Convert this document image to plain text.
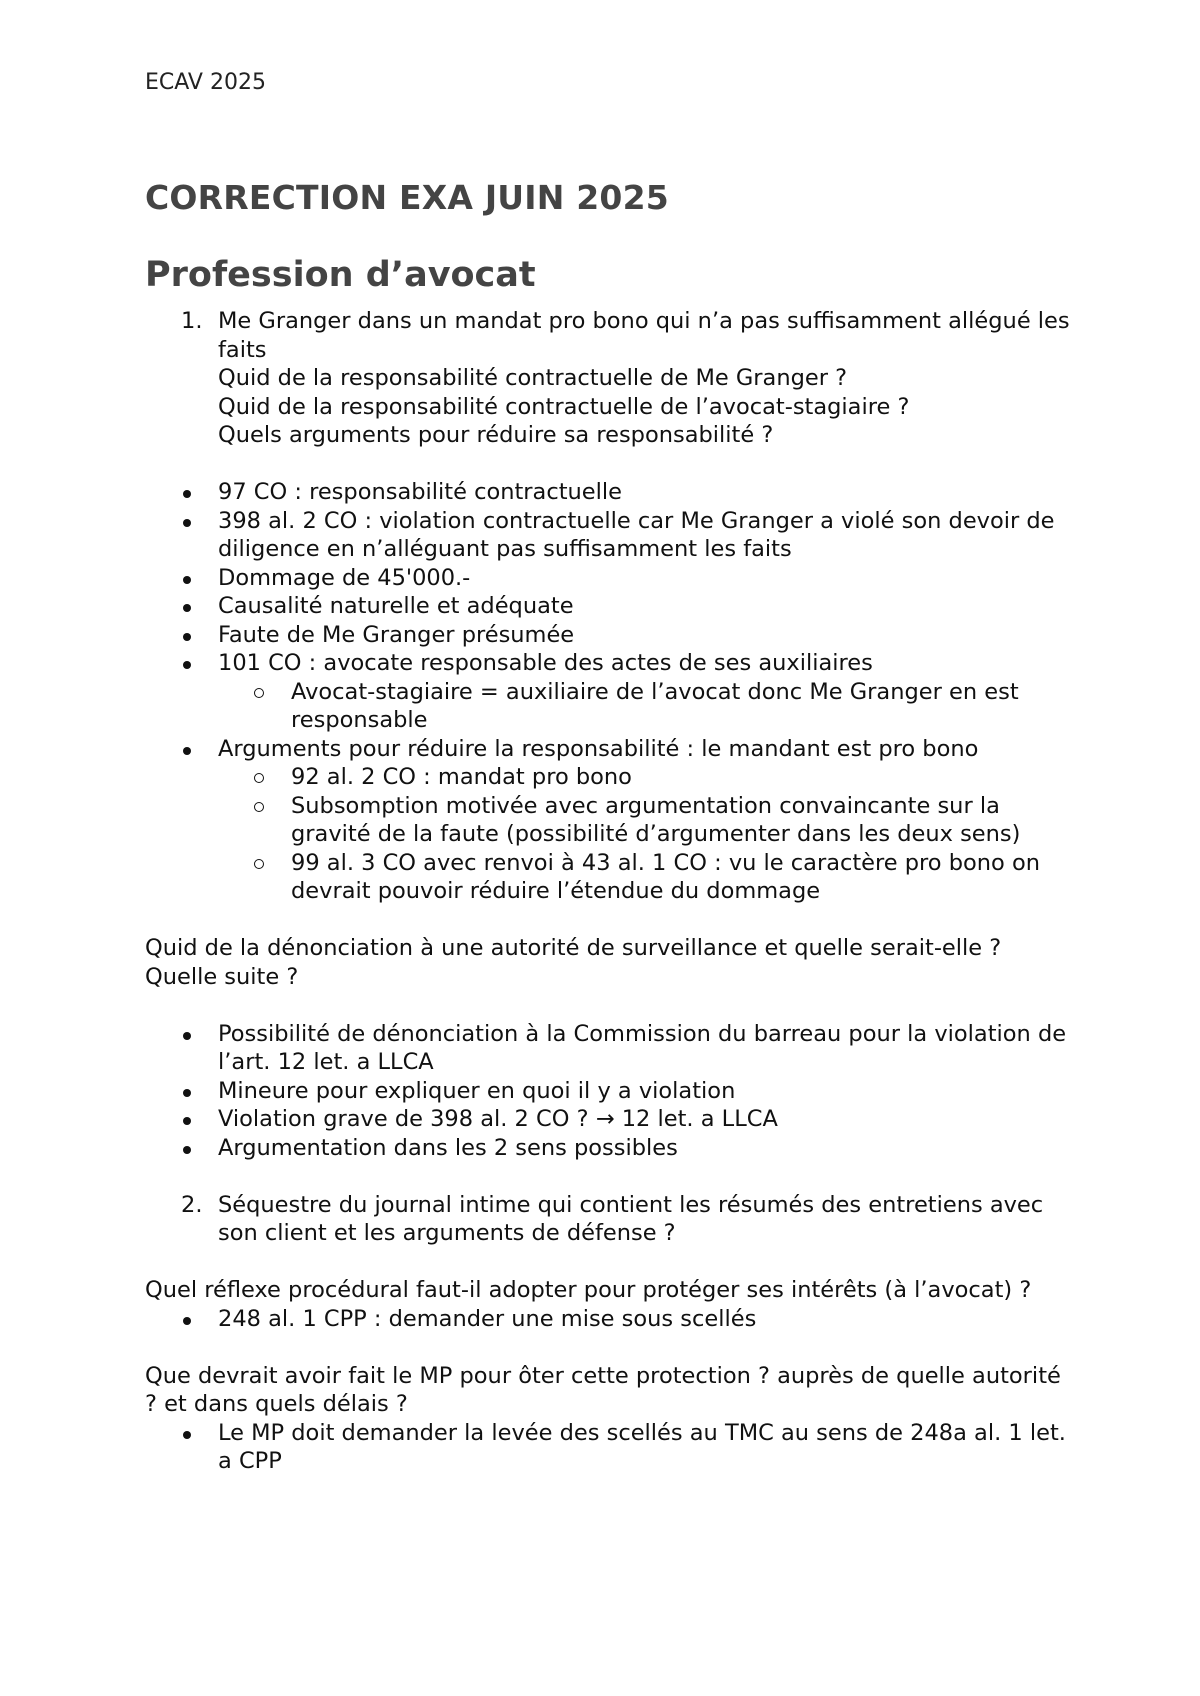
ECAV 2025
CORRECTION EXA JUIN 2025
Profession d’avocat
1. Me Granger dans un mandat pro bono qui n’a pas suffisamment allégué les faits
Quid de la responsabilité contractuelle de Me Granger ?
Quid de la responsabilité contractuelle de l’avocat-stagiaire ?
Quels arguments pour réduire sa responsabilité ?
97 CO : responsabilité contractuelle
398 al. 2 CO : violation contractuelle car Me Granger a violé son devoir de diligence en n’alléguant pas suffisamment les faits
Dommage de 45'000.-
Causalité naturelle et adéquate
Faute de Me Granger présumée
101 CO : avocate responsable des actes de ses auxiliaires
Avocat-stagiaire = auxiliaire de l’avocat donc Me Granger en est responsable
Arguments pour réduire la responsabilité : le mandant est pro bono
92 al. 2 CO : mandat pro bono
Subsomption motivée avec argumentation convaincante sur la gravité de la faute (possibilité d’argumenter dans les deux sens)
99 al. 3 CO avec renvoi à 43 al. 1 CO : vu le caractère pro bono on devrait pouvoir réduire l’étendue du dommage

Quid de la dénonciation à une autorité de surveillance et quelle serait-elle ? Quelle suite ?

Possibilité de dénonciation à la Commission du barreau pour la violation de l’art. 12 let. a LLCA
Mineure pour expliquer en quoi il y a violation
Violation grave de 398 al. 2 CO ? → 12 let. a LLCA
Argumentation dans les 2 sens possibles
2. Séquestre du journal intime qui contient les résumés des entretiens avec son client et les arguments de défense ?

Quel réflexe procédural faut-il adopter pour protéger ses intérêts (à l’avocat) ?

248 al. 1 CPP : demander une mise sous scellés

Que devrait avoir fait le MP pour ôter cette protection ? auprès de quelle autorité ? et dans quels délais ?

Le MP doit demander la levée des scellés au TMC au sens de 248a al. 1 let. a CPP
